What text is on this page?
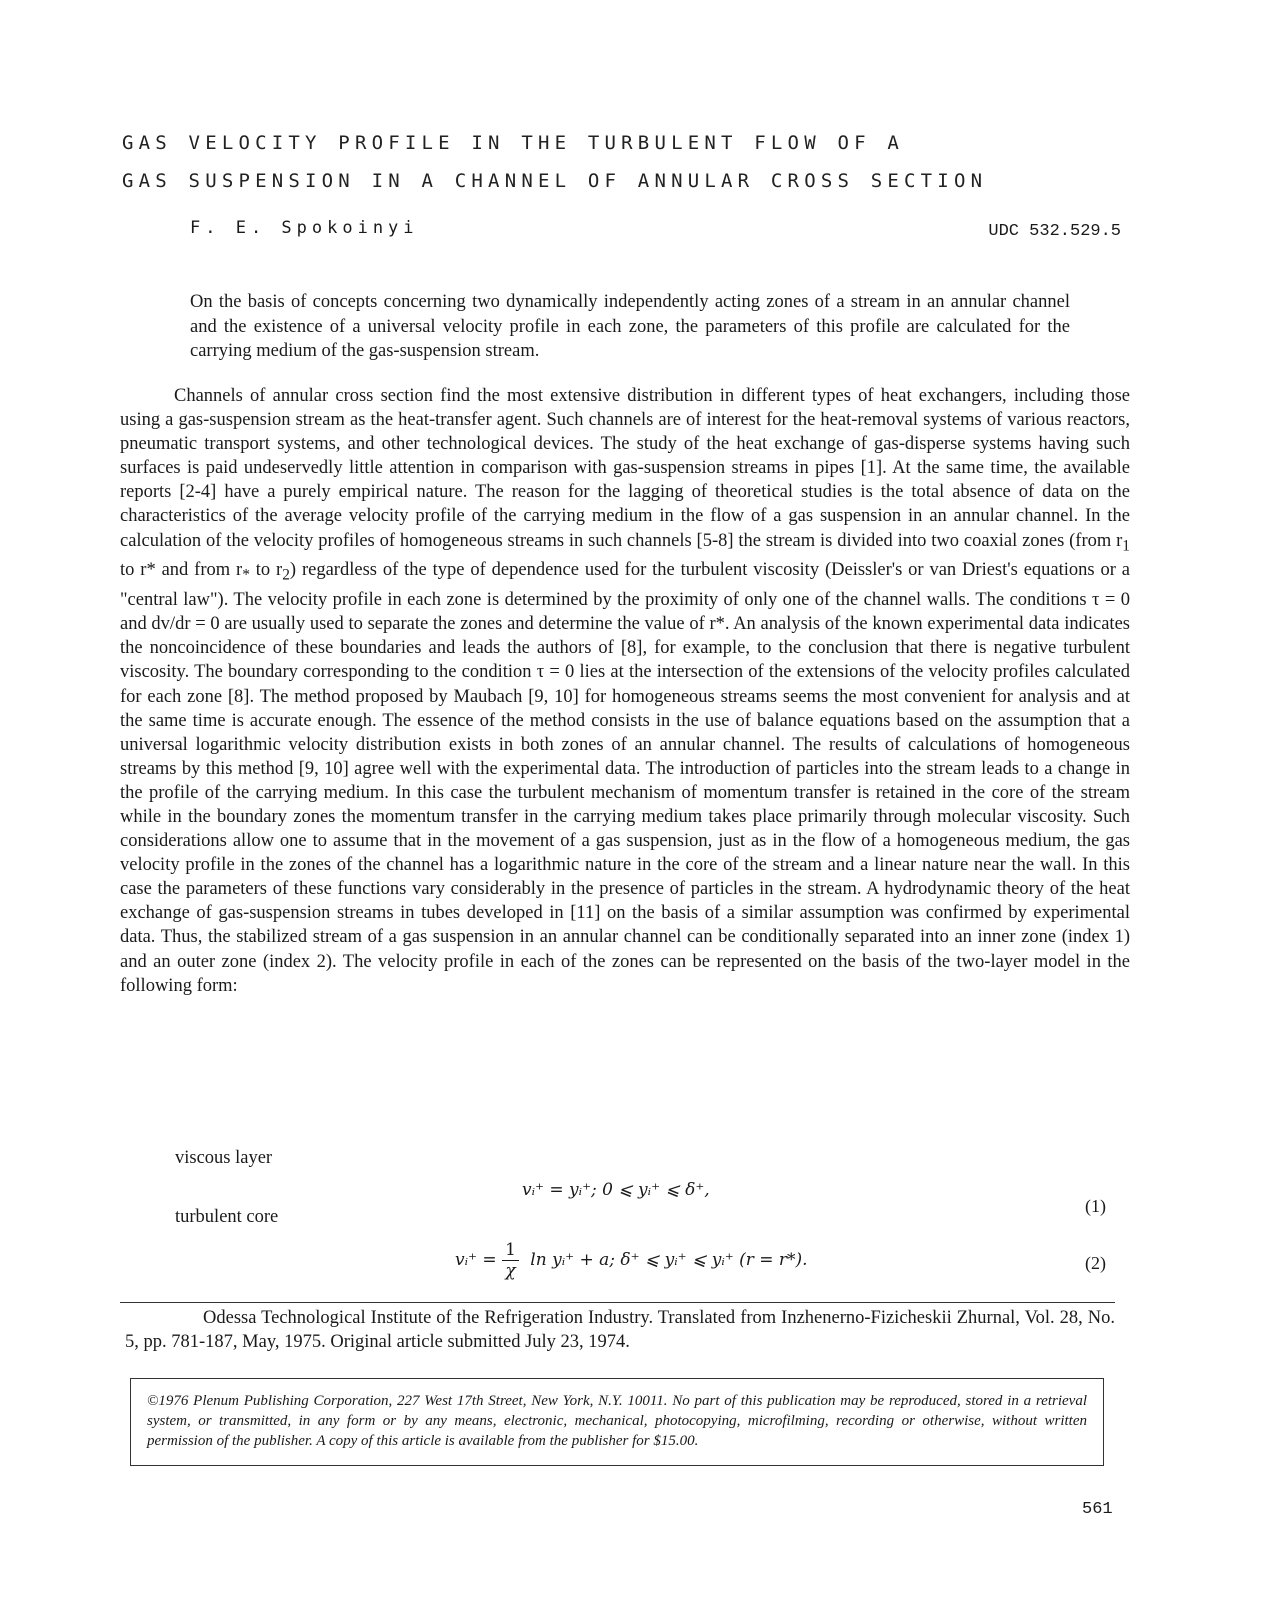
GAS VELOCITY PROFILE IN THE TURBULENT FLOW OF A
GAS SUSPENSION IN A CHANNEL OF ANNULAR CROSS SECTION
F. E. Spokoinyi	UDC 532.529.5
On the basis of concepts concerning two dynamically independently acting zones of a stream in an annular channel and the existence of a universal velocity profile in each zone, the parameters of this profile are calculated for the carrying medium of the gas-suspension stream.
Channels of annular cross section find the most extensive distribution in different types of heat exchangers, including those using a gas-suspension stream as the heat-transfer agent. Such channels are of interest for the heat-removal systems of various reactors, pneumatic transport systems, and other technological devices. The study of the heat exchange of gas-disperse systems having such surfaces is paid undeservedly little attention in comparison with gas-suspension streams in pipes [1]. At the same time, the available reports [2-4] have a purely empirical nature. The reason for the lagging of theoretical studies is the total absence of data on the characteristics of the average velocity profile of the carrying medium in the flow of a gas suspension in an annular channel. In the calculation of the velocity profiles of homogeneous streams in such channels [5-8] the stream is divided into two coaxial zones (from $r_1$ to r* and from $r_*$ to $r_2$) regardless of the type of dependence used for the turbulent viscosity (Deissler's or van Driest's equations or a "central law"). The velocity profile in each zone is determined by the proximity of only one of the channel walls. The conditions τ = 0 and dv/dr = 0 are usually used to separate the zones and determine the value of r*. An analysis of the known experimental data indicates the noncoincidence of these boundaries and leads the authors of [8], for example, to the conclusion that there is negative turbulent viscosity. The boundary corresponding to the condition τ = 0 lies at the intersection of the extensions of the velocity profiles calculated for each zone [8]. The method proposed by Maubach [9, 10] for homogeneous streams seems the most convenient for analysis and at the same time is accurate enough. The essence of the method consists in the use of balance equations based on the assumption that a universal logarithmic velocity distribution exists in both zones of an annular channel. The results of calculations of homogeneous streams by this method [9, 10] agree well with the experimental data. The introduction of particles into the stream leads to a change in the profile of the carrying medium. In this case the turbulent mechanism of momentum transfer is retained in the core of the stream while in the boundary zones the momentum transfer in the carrying medium takes place primarily through molecular viscosity. Such considerations allow one to assume that in the movement of a gas suspension, just as in the flow of a homogeneous medium, the gas velocity profile in the zones of the channel has a logarithmic nature in the core of the stream and a linear nature near the wall. In this case the parameters of these functions vary considerably in the presence of particles in the stream. A hydrodynamic theory of the heat exchange of gas-suspension streams in tubes developed in [11] on the basis of a similar assumption was confirmed by experimental data. Thus, the stabilized stream of a gas suspension in an annular channel can be conditionally separated into an inner zone (index 1) and an outer zone (index 2). The velocity profile in each of the zones can be represented on the basis of the two-layer model in the following form:
viscous layer
vᵢ⁺ = yᵢ⁺; 0 ⩽ yᵢ⁺ ⩽ δ⁺,
(1)
turbulent core
vᵢ⁺ = $\frac{1}{\chi}$ ln yᵢ⁺ + a; δ⁺ ⩽ yᵢ⁺ ⩽ yᵢ⁺ (r = r*).	(2)
Odessa Technological Institute of the Refrigeration Industry. Translated from Inzhenerno-Fizicheskii Zhurnal, Vol. 28, No. 5, pp. 781-187, May, 1975. Original article submitted July 23, 1974.
©1976 Plenum Publishing Corporation, 227 West 17th Street, New York, N.Y. 10011. No part of this publication may be reproduced, stored in a retrieval system, or transmitted, in any form or by any means, electronic, mechanical, photocopying, microfilming, recording or otherwise, without written permission of the publisher. A copy of this article is available from the publisher for $15.00.
561
